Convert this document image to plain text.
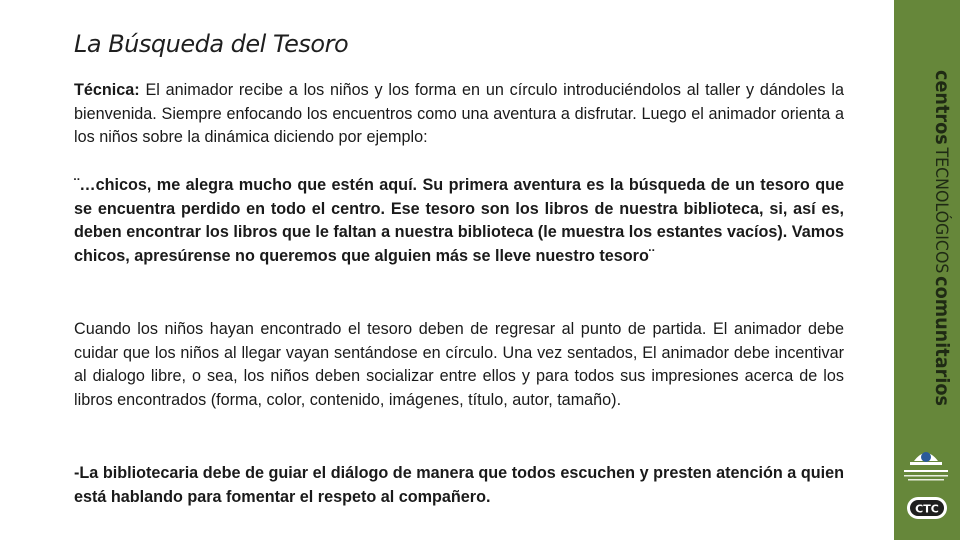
La Búsqueda del Tesoro

Técnica: El animador recibe a los niños y los forma en un círculo introduciéndolos al taller y dándoles la bienvenida. Siempre enfocando los encuentros como una aventura a disfrutar. Luego el animador orienta a los niños sobre la dinámica diciendo por ejemplo:

¨…chicos, me alegra mucho que estén aquí. Su primera aventura es la búsqueda de un tesoro que se encuentra perdido en todo el centro. Ese tesoro son los libros de nuestra biblioteca, si, así es, deben encontrar los libros que le faltan a nuestra biblioteca (le muestra los estantes vacíos). Vamos chicos, apresúrense no queremos que alguien más se lleve nuestro tesoro¨

Cuando los niños hayan encontrado el tesoro deben de regresar al punto de partida. El animador debe cuidar que los niños al llegar vayan sentándose en círculo. Una vez sentados, El animador debe incentivar al dialogo libre, o sea, los niños deben socializar entre ellos y para todos sus impresiones acerca de los libros encontrados (forma, color, contenido, imágenes, título, autor, tamaño).

-La bibliotecaria debe de guiar el diálogo de manera que todos escuchen y presten atención a quien está hablando para fomentar el respeto al compañero.

centrosTECNOLÓGICOScomunitarios
CTC
